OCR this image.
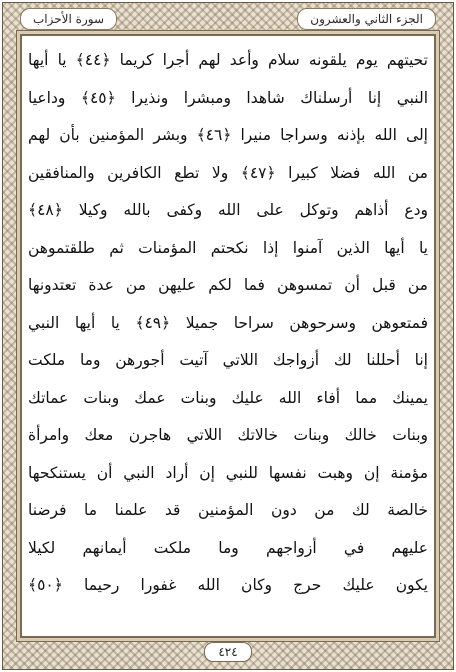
الجزء الثاني والعشرون
سورة الأحزاب
تحيتهم يوم يلقونه سلام وأعد لهم أجرا كريما ﴿٤٤﴾ يا أيها
النبي إنا أرسلناك شاهدا ومبشرا ونذيرا ﴿٤٥﴾ وداعيا
إلى الله بإذنه وسراجا منيرا ﴿٤٦﴾ وبشر المؤمنين بأن لهم
من الله فضلا كبيرا ﴿٤٧﴾ ولا تطع الكافرين والمنافقين
ودع أذاهم وتوكل على الله وكفى بالله وكيلا ﴿٤٨﴾
يا أيها الذين آمنوا إذا نكحتم المؤمنات ثم طلقتموهن
من قبل أن تمسوهن فما لكم عليهن من عدة تعتدونها
فمتعوهن وسرحوهن سراحا جميلا ﴿٤٩﴾ يا أيها النبي
إنا أحللنا لك أزواجك اللاتي آتيت أجورهن وما ملكت
يمينك مما أفاء الله عليك وبنات عمك وبنات عماتك
وبنات خالك وبنات خالاتك اللاتي هاجرن معك وامرأة
مؤمنة إن وهبت نفسها للنبي إن أراد النبي أن يستنكحها
خالصة لك من دون المؤمنين قد علمنا ما فرضنا
عليهم في أزواجهم وما ملكت أيمانهم لكيلا
يكون عليك حرج وكان الله غفورا رحيما ﴿٥٠﴾
٤٢٤
